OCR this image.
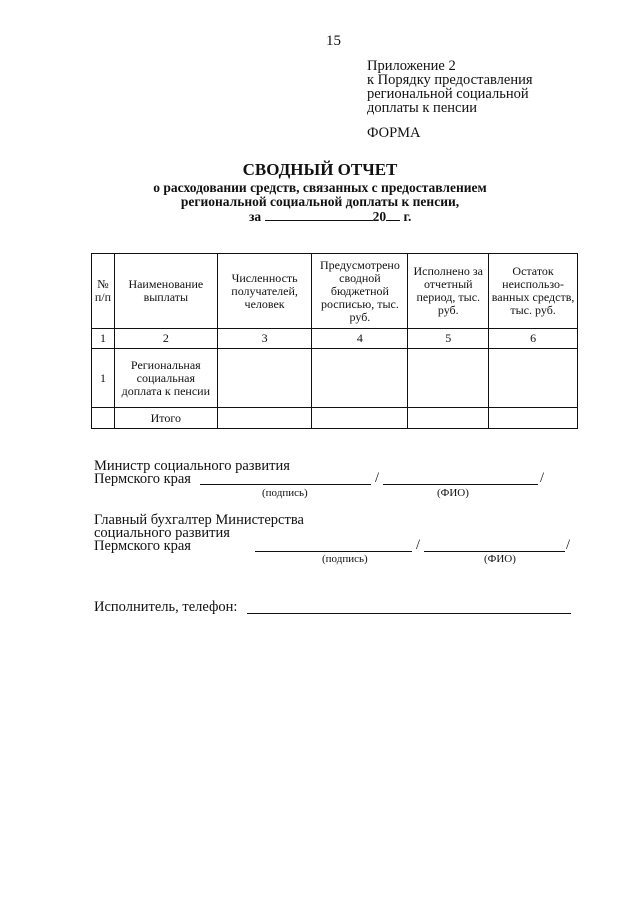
15
Приложение 2
к Порядку предоставления
региональной социальной
доплаты к пенсии
ФОРМА
СВОДНЫЙ ОТЧЕТ
о расходовании средств, связанных с предоставлением
региональной социальной доплаты к пенсии,
за	20 г.
№ п/п	Наименование выплаты	Численность получателей, человек	Предусмотрено сводной бюджетной росписью, тыс. руб.	Исполнено за отчетный период, тыс. руб.	Остаток неиспользо-ванных средств, тыс. руб.
1	2	3	4	5	6
1	Региональная социальная доплата к пенсии				
	Итого				
Министр социального развития
Пермского края	/	/
(подпись)	(ФИО)
Главный бухгалтер Министерства
социального развития
Пермского края	/	/
(подпись)	(ФИО)
Исполнитель, телефон:
